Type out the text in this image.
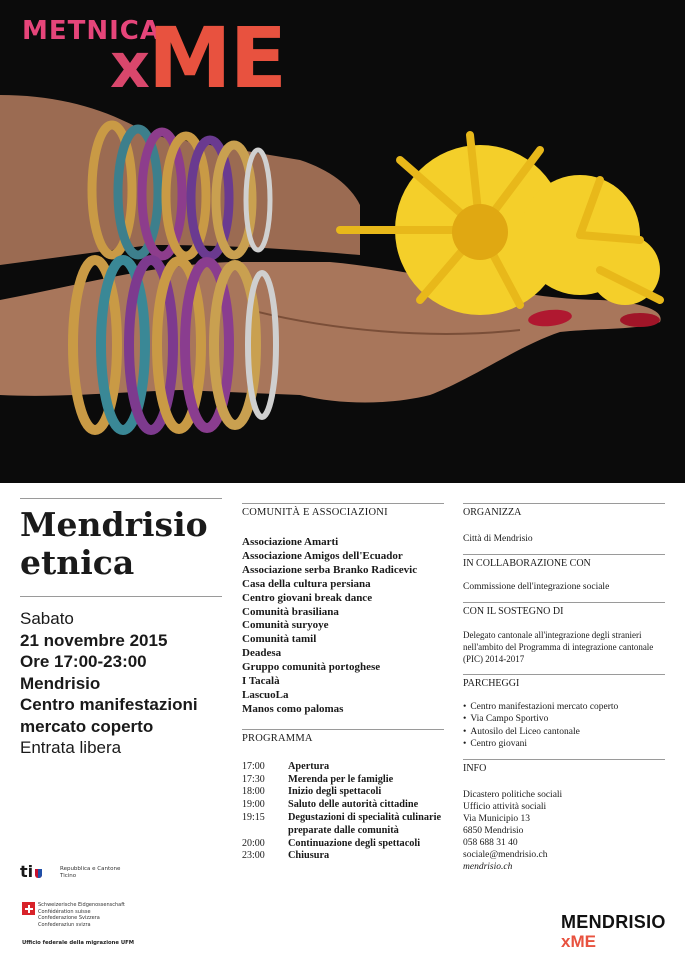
METNICA
xME
Mendrisio
etnica
Sabato
21 novembre 2015
Ore 17:00-23:00
Mendrisio
Centro manifestazioni
mercato coperto
Entrata libera
COMUNITÀ E ASSOCIAZIONI
Associazione Amarti
Associazione Amigos dell'Ecuador
Associazione serba Branko Radicevic
Casa della cultura persiana
Centro giovani break dance
Comunità brasiliana
Comunità suryoye
Comunità tamil
Deadesa
Gruppo comunità portoghese
I Tacalà
LascuoLa
Manos como palomas
PROGRAMMA
17:00	Apertura
17:30	Merenda per le famiglie
18:00	Inizio degli spettacoli
19:00	Saluto delle autorità cittadine
19:15	Degustazioni di specialità culinarie preparate dalle comunità
20:00	Continuazione degli spettacoli
23:00	Chiusura
ORGANIZZA
Città di Mendrisio
IN COLLABORAZIONE CON
Commissione dell'integrazione sociale
CON IL SOSTEGNO DI
Delegato cantonale all'integrazione degli stranieri nell'ambito del Programma di integrazione cantonale (PIC) 2014-2017
PARCHEGGI
• Centro manifestazioni mercato coperto
• Via Campo Sportivo
• Autosilo del Liceo cantonale
• Centro giovani
INFO
Dicastero politiche sociali
Ufficio attività sociali
Via Municipio 13
6850 Mendrisio
058 688 31 40
sociale@mendrisio.ch
mendrisio.ch
ti	Repubblica e Cantone
Ticino
Schweizerische Eidgenossenschaft
Confédération suisse
Confederazione Svizzera
Confederaziun svizra
Ufficio federale della migrazione UFM
MENDRISIO
xME
